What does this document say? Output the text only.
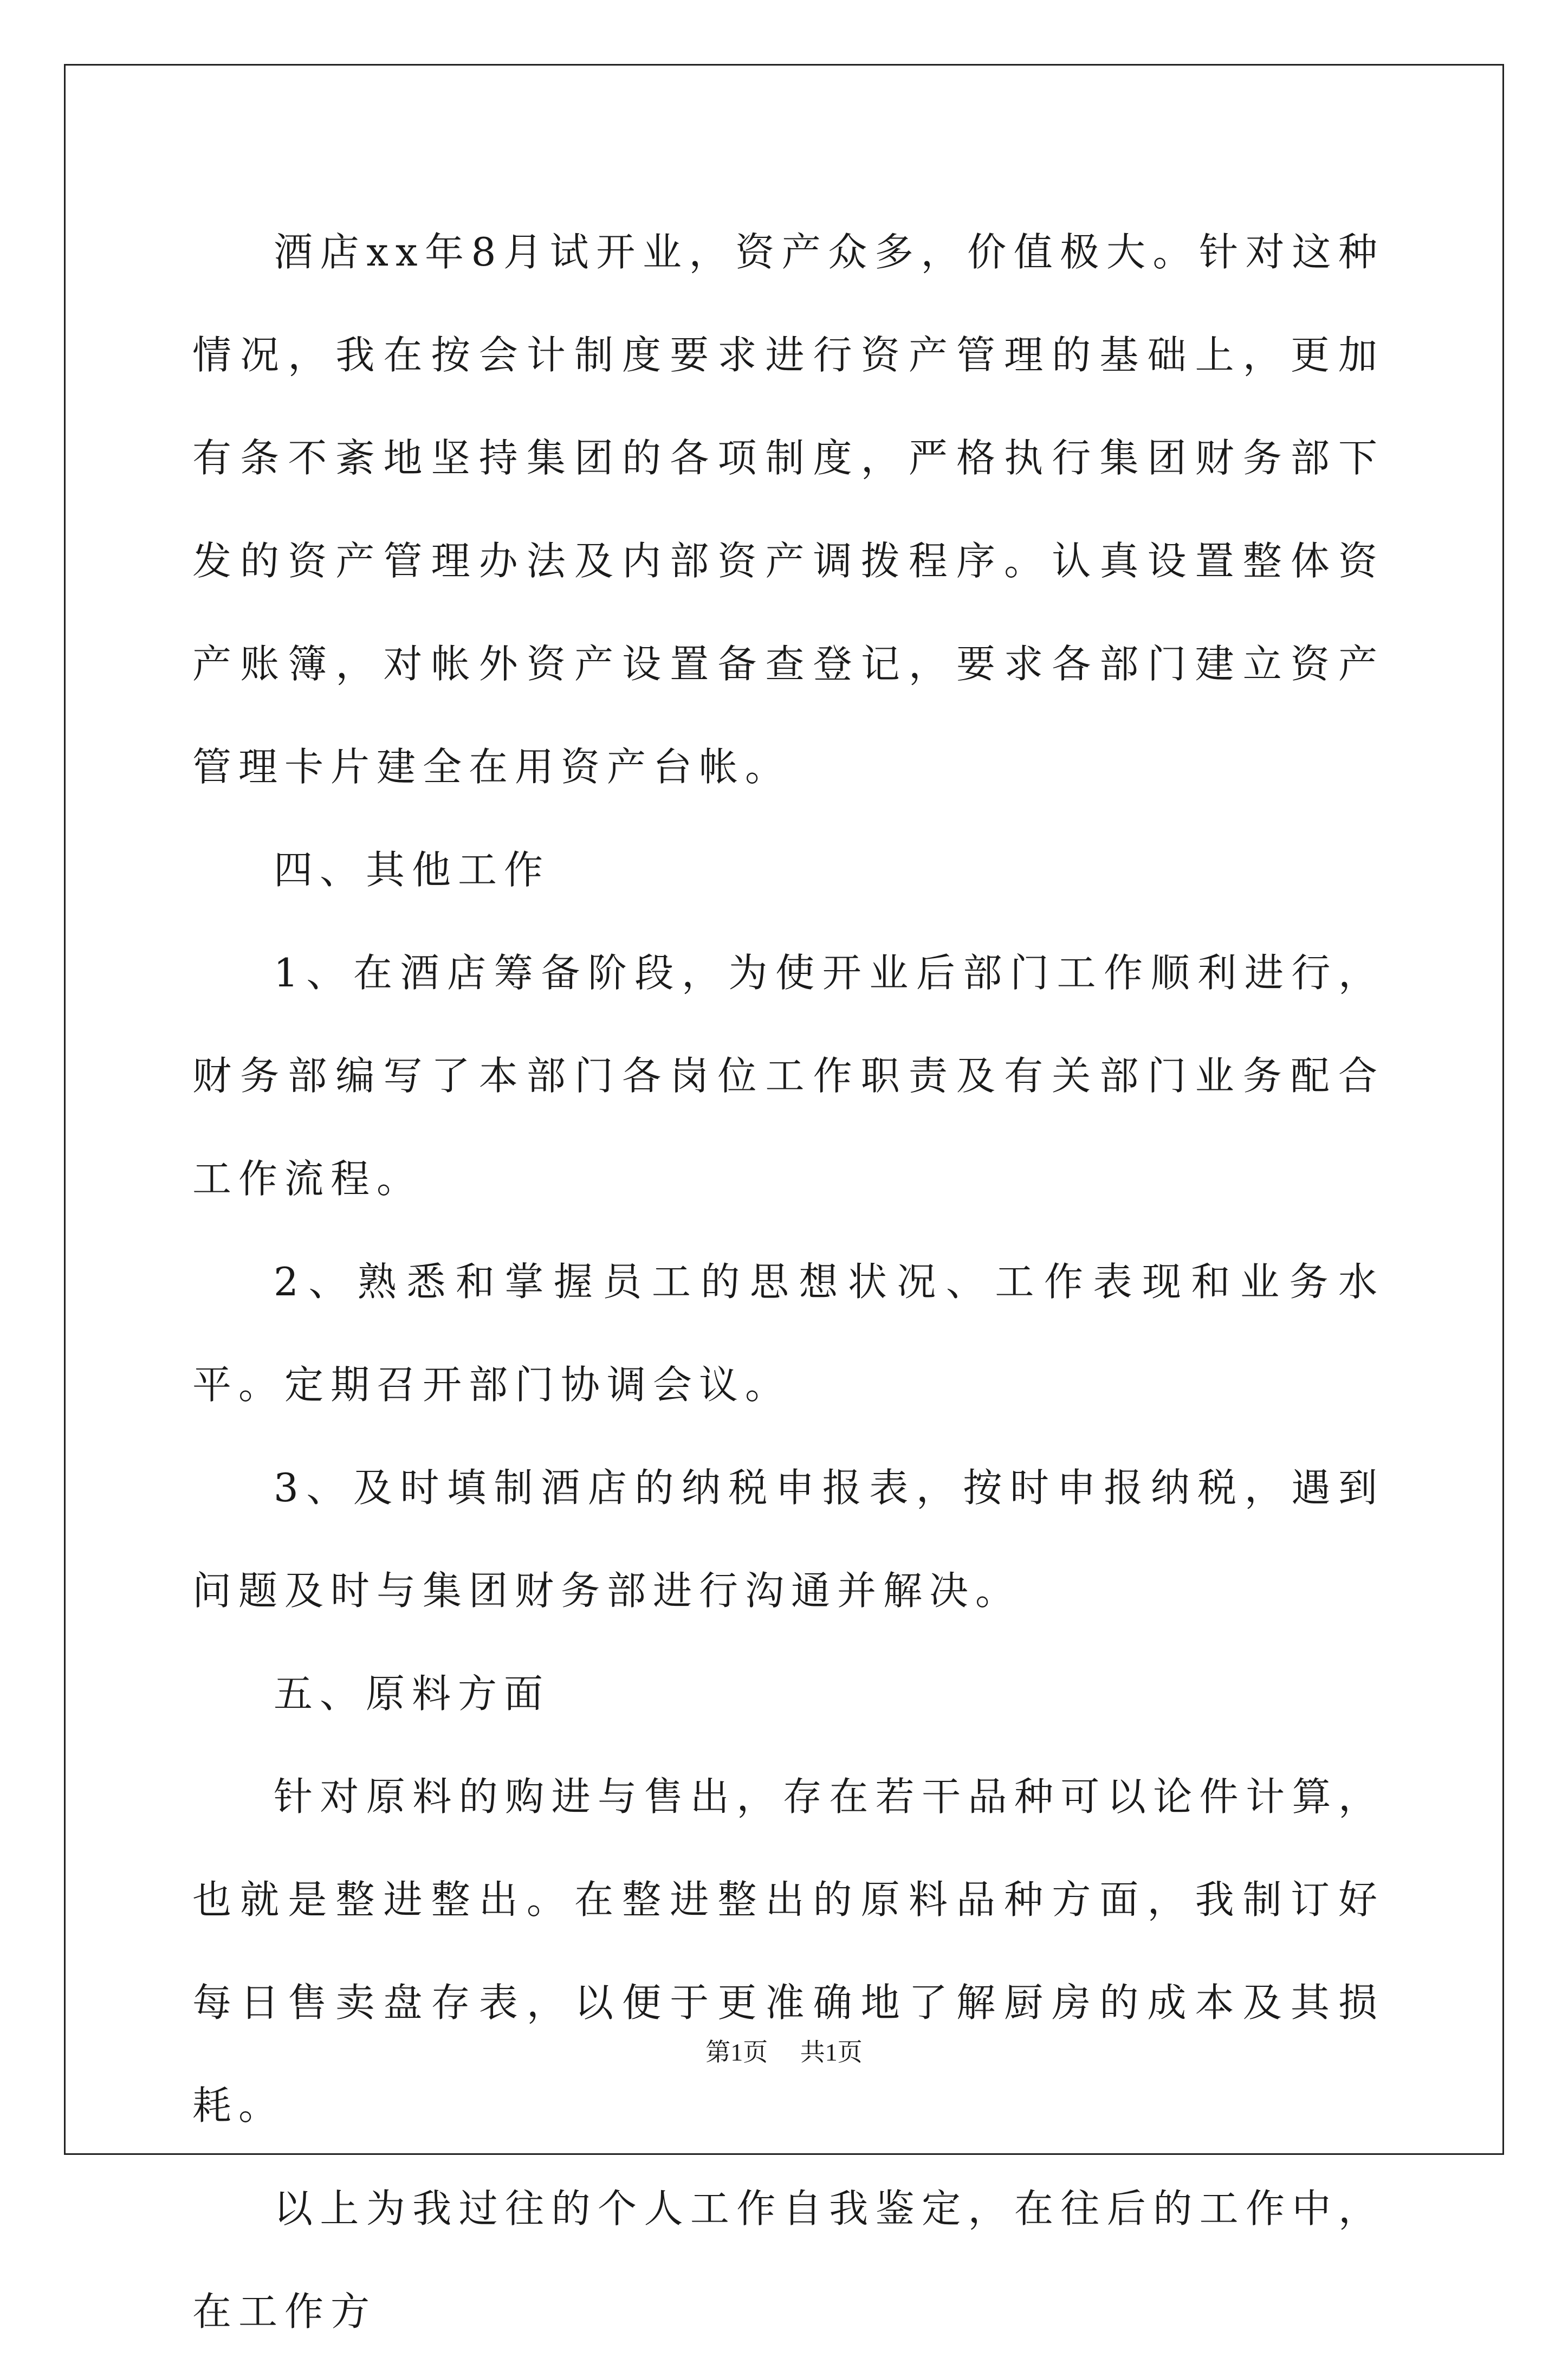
酒店xx年8月试开业，资产众多，价值极大。针对这种情况，我在按会计制度要求进行资产管理的基础上，更加有条不紊地坚持集团的各项制度，严格执行集团财务部下发的资产管理办法及内部资产调拨程序。认真设置整体资产账簿，对帐外资产设置备查登记，要求各部门建立资产管理卡片建全在用资产台帐。

四、其他工作

1、在酒店筹备阶段，为使开业后部门工作顺利进行，财务部编写了本部门各岗位工作职责及有关部门业务配合工作流程。

2、熟悉和掌握员工的思想状况、工作表现和业务水平。定期召开部门协调会议。

3、及时填制酒店的纳税申报表，按时申报纳税，遇到问题及时与集团财务部进行沟通并解决。

五、原料方面

针对原料的购进与售出，存在若干品种可以论件计算，也就是整进整出。在整进整出的原料品种方面，我制订好每日售卖盘存表，以便于更准确地了解厨房的成本及其损耗。

以上为我过往的个人工作自我鉴定，在往后的工作中，在工作方

第1页 共1页
